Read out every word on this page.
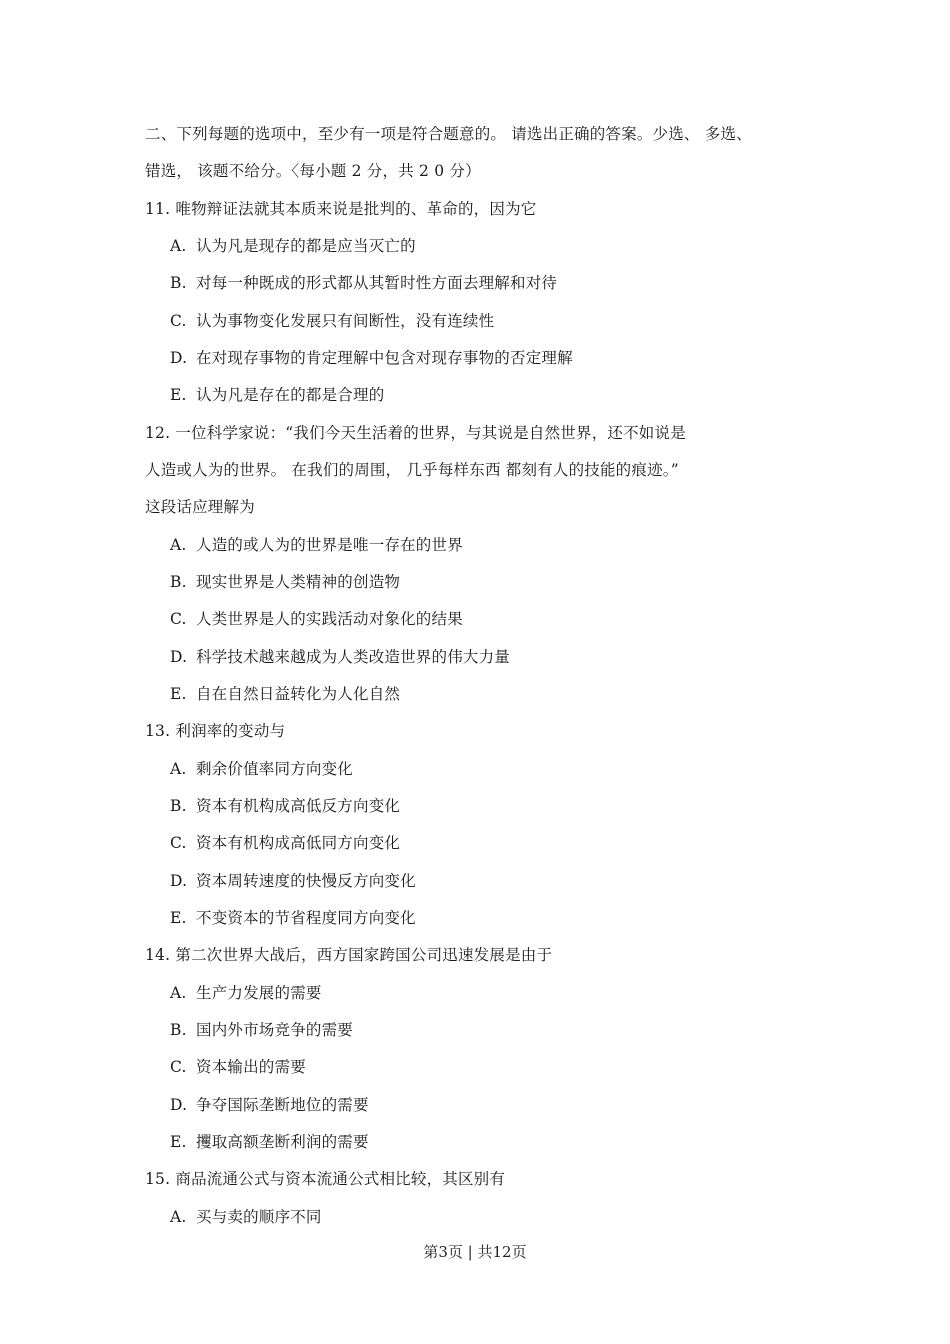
二、下列每题的选项中，至少有一项是符合题意的。 请选出正确的答案。少选、 多选、
错选， 该题不给分。〈每小题 2 分，共 2 0 分）
11. 唯物辩证法就其本质来说是批判的、革命的，因为它
A. 认为凡是现存的都是应当灭亡的
B. 对每一种既成的形式都从其暂时性方面去理解和对待
C. 认为事物变化发展只有间断性，没有连续性
D. 在对现存事物的肯定理解中包含对现存事物的否定理解
E. 认为凡是存在的都是合理的
12. 一位科学家说：“我们今天生活着的世界，与其说是自然世界，还不如说是
人造或人为的世界。 在我们的周围， 几乎每样东西 都刻有人的技能的痕迹。”
这段话应理解为
A. 人造的或人为的世界是唯一存在的世界
B. 现实世界是人类精神的创造物
C. 人类世界是人的实践活动对象化的结果
D. 科学技术越来越成为人类改造世界的伟大力量
E. 自在自然日益转化为人化自然
13. 利润率的变动与
A. 剩余价值率同方向变化
B. 资本有机构成高低反方向变化
C. 资本有机构成高低同方向变化
D. 资本周转速度的快慢反方向变化
E. 不变资本的节省程度同方向变化
14. 第二次世界大战后，西方国家跨国公司迅速发展是由于
A. 生产力发展的需要
B. 国内外市场竞争的需要
C. 资本输出的需要
D. 争夺国际垄断地位的需要
E. 攫取高额垄断利润的需要
15. 商品流通公式与资本流通公式相比较，其区别有
A. 买与卖的顺序不同
第3页 | 共12页
